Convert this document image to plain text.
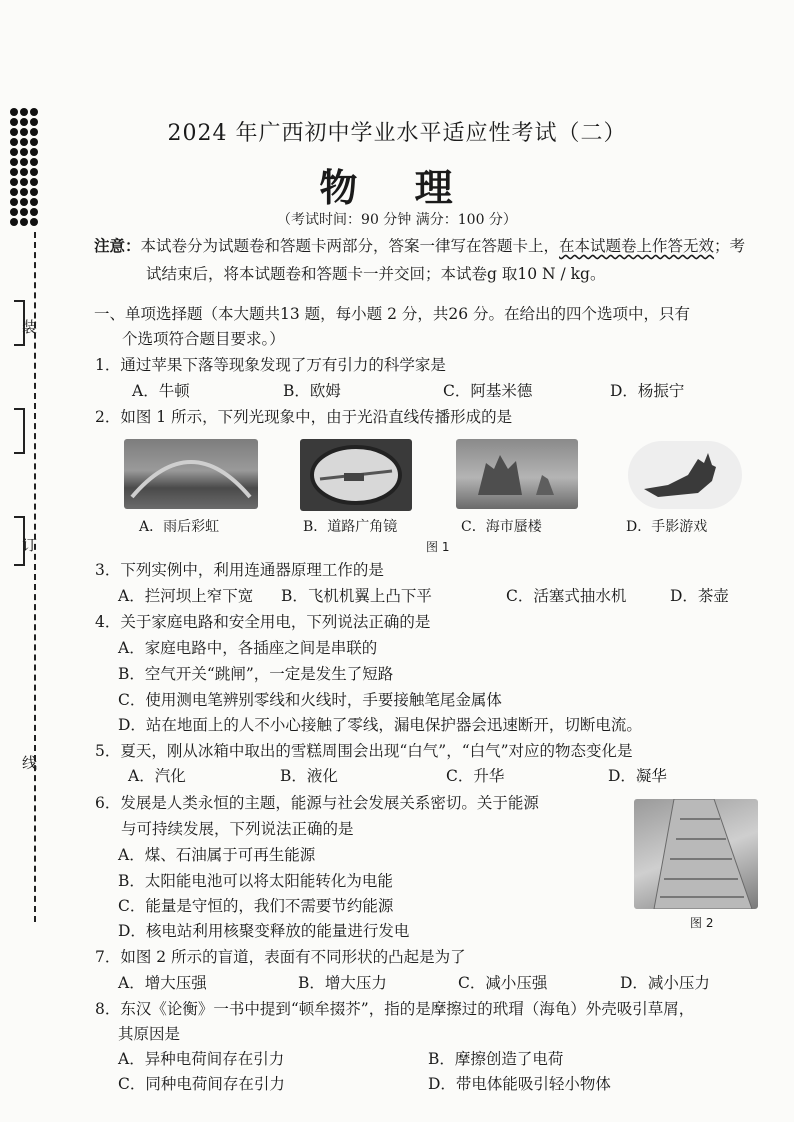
装
订
线
2024 年广西初中学业水平适应性考试（二）
物 理
（考试时间：90 分钟 满分：100 分）
注意：本试卷分为试题卷和答题卡两部分，答案一律写在答题卡上，在本试题卷上作答无效；考
试结束后，将本试题卷和答题卡一并交回；本试卷g 取10 N / kg。
一、单项选择题（本大题共13 题，每小题 2 分，共26 分。在给出的四个选项中，只有
个选项符合题目要求。）
1．通过苹果下落等现象发现了万有引力的科学家是
A．牛顿	B．欧姆	C．阿基米德	D．杨振宁
2．如图 1 所示，下列光现象中，由于光沿直线传播形成的是
A．雨后彩虹	B．道路广角镜	C．海市蜃楼	D．手影游戏
图 1
3．下列实例中，利用连通器原理工作的是
A．拦河坝上窄下宽 B．飞机机翼上凸下平	C．活塞式抽水机	D．茶壶
4．关于家庭电路和安全用电，下列说法正确的是
A．家庭电路中，各插座之间是串联的
B．空气开关“跳闸”，一定是发生了短路
C．使用测电笔辨别零线和火线时，手要接触笔尾金属体
D．站在地面上的人不小心接触了零线，漏电保护器会迅速断开，切断电流。
5．夏天，刚从冰箱中取出的雪糕周围会出现“白气”，“白气”对应的物态变化是
A．汽化	B．液化	C．升华	D．凝华
6．发展是人类永恒的主题，能源与社会发展关系密切。关于能源
与可持续发展，下列说法正确的是
A．煤、石油属于可再生能源
B．太阳能电池可以将太阳能转化为电能
C．能量是守恒的，我们不需要节约能源
D．核电站利用核聚变释放的能量进行发电	图 2
7．如图 2 所示的盲道，表面有不同形状的凸起是为了
A．增大压强	B．增大压力	C．减小压强	D．减小压力
8．东汉《论衡》一书中提到“顿牟掇芥”，指的是摩擦过的玳瑁（海龟）外壳吸引草屑，
其原因是
A．异种电荷间存在引力	B．摩擦创造了电荷
C．同种电荷间存在引力	D．带电体能吸引轻小物体
